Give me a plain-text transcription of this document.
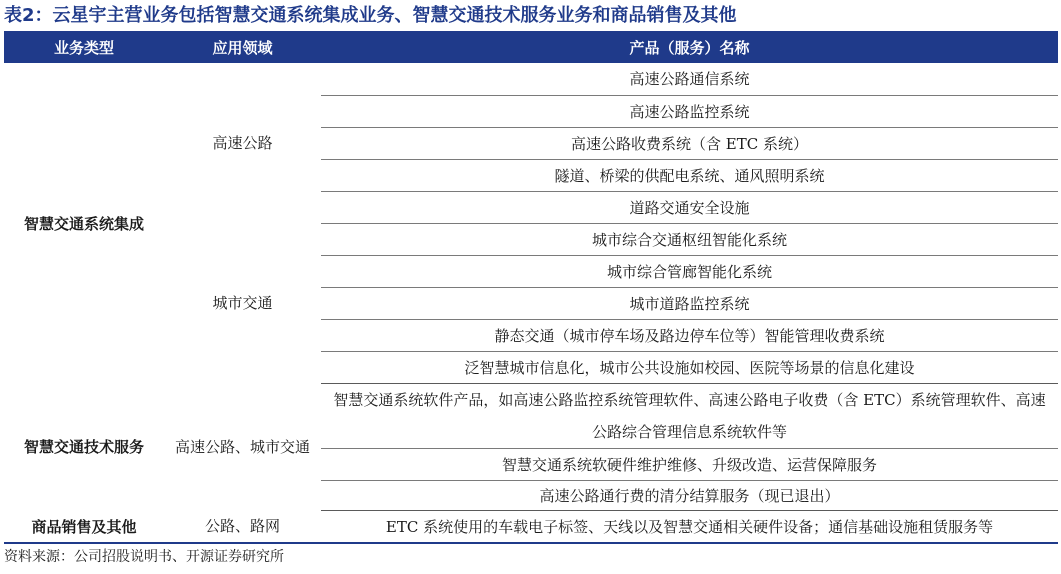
表2：云星宇主营业务包括智慧交通系统集成业务、智慧交通技术服务业务和商品销售及其他
业务类型	应用领域	产品（服务）名称
智慧交通系统集成	高速公路	高速公路通信系统
		高速公路监控系统
		高速公路收费系统（含 ETC 系统）
		隧道、桥梁的供配电系统、通风照明系统
		道路交通安全设施
	城市交通	城市综合交通枢纽智能化系统
		城市综合管廊智能化系统
		城市道路监控系统
		静态交通（城市停车场及路边停车位等）智能管理收费系统
		泛智慧城市信息化，城市公共设施如校园、医院等场景的信息化建设
智慧交通技术服务	高速公路、城市交通	智慧交通系统软件产品，如高速公路监控系统管理软件、高速公路电子收费（含 ETC）系统管理软件、高速公路综合管理信息系统软件等
		智慧交通系统软硬件维护维修、升级改造、运营保障服务
		高速公路通行费的清分结算服务（现已退出）
商品销售及其他	公路、路网	ETC 系统使用的车载电子标签、天线以及智慧交通相关硬件设备；通信基础设施租赁服务等
资料来源：公司招股说明书、开源证券研究所
